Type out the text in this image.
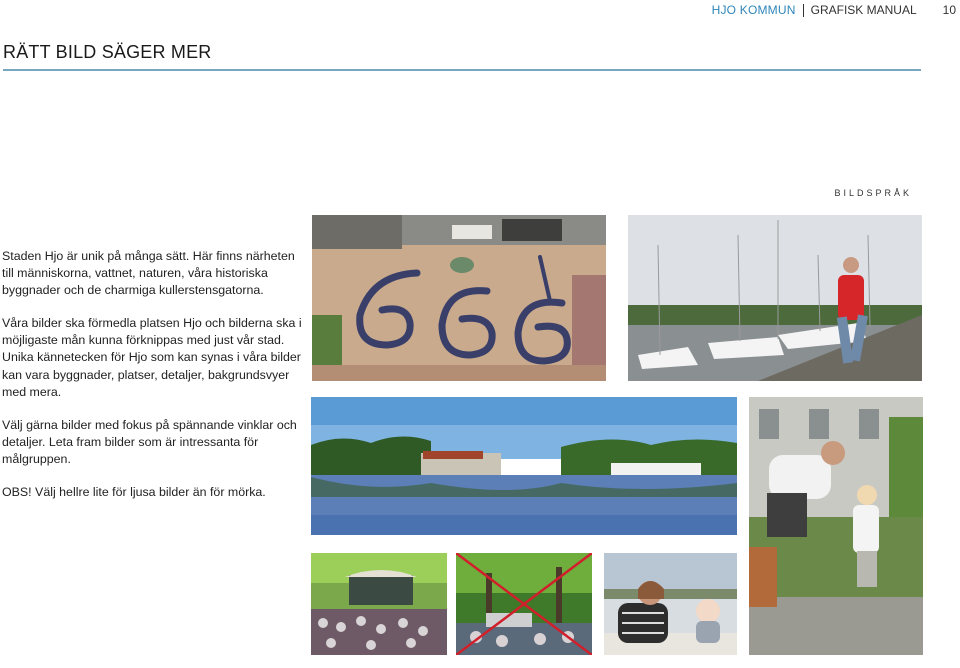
HJO KOMMUN GRAFISK MANUAL 10
RÄTT BILD SÄGER MER
BILDSPRÅK

Staden Hjo är unik på många sätt. Här finns närheten till människorna, vattnet, naturen, våra historiska byggnader och de charmiga kullerstensgatorna.

Våra bilder ska förmedla platsen Hjo och bilderna ska i möjligaste mån kunna förknippas med just vår stad. Unika kännetecken för Hjo som kan synas i våra bilder kan vara byggnader, platser, detaljer, bakgrundsvyer med mera.

Välj gärna bilder med fokus på spännande vinklar och detaljer. Leta fram bilder som är intressanta för målgruppen.

OBS! Välj hellre lite för ljusa bilder än för mörka.
